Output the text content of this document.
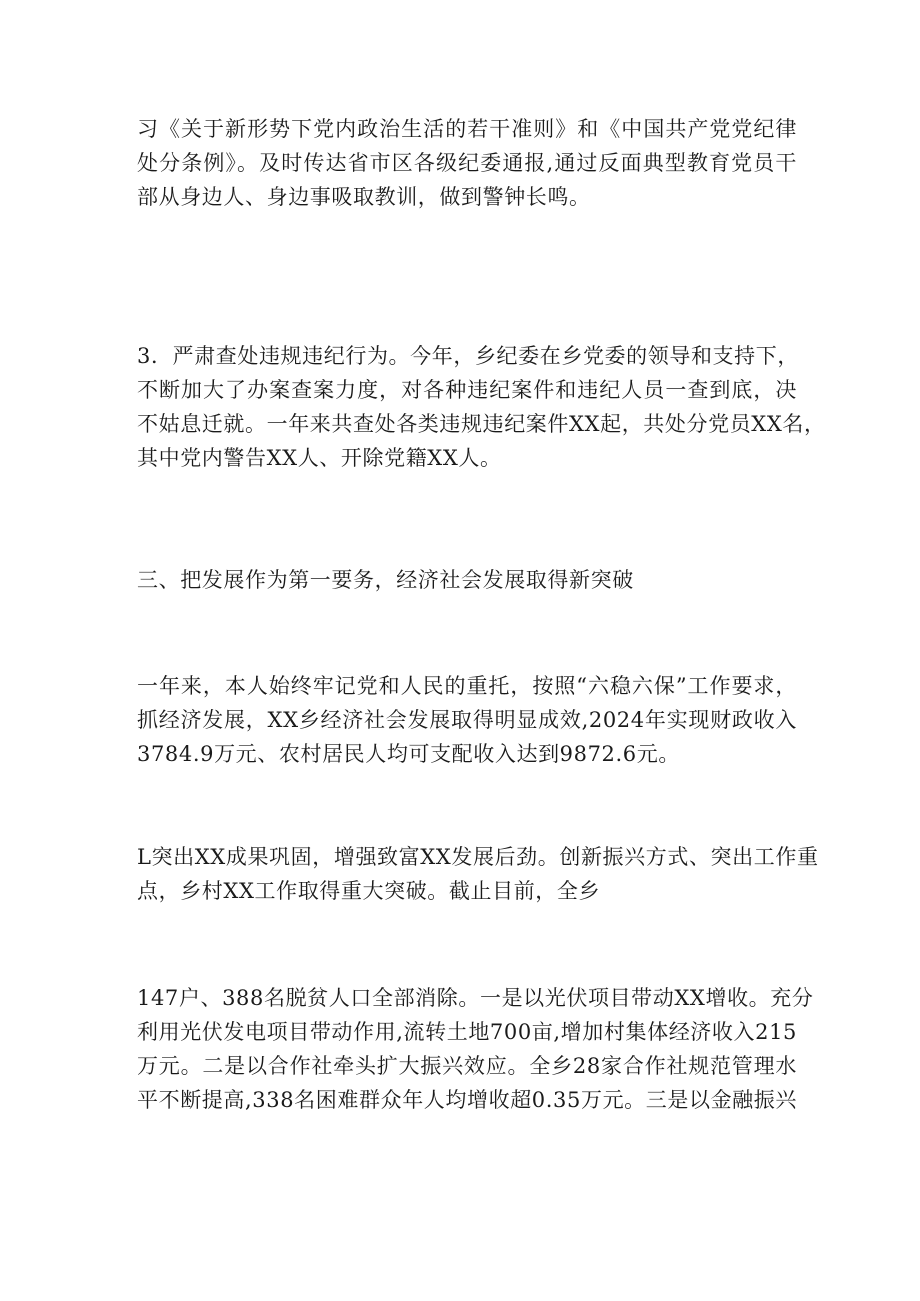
习《关于新形势下党内政治生活的若干准则》和《中国共产党党纪律
处分条例》。及时传达省市区各级纪委通报,通过反面典型教育党员干
部从身边人、身边事吸取教训，做到警钟长鸣。
3．严肃查处违规违纪行为。今年，乡纪委在乡党委的领导和支持下，
不断加大了办案查案力度，对各种违纪案件和违纪人员一查到底，决
不姑息迁就。一年来共查处各类违规违纪案件XX起，共处分党员XX名，
其中党内警告XX人、开除党籍XX人。
三、把发展作为第一要务，经济社会发展取得新突破
一年来，本人始终牢记党和人民的重托，按照“六稳六保”工作要求，
抓经济发展，XX乡经济社会发展取得明显成效,2024年实现财政收入
3784.9万元、农村居民人均可支配收入达到9872.6元。
L突出XX成果巩固，增强致富XX发展后劲。创新振兴方式、突出工作重
点，乡村XX工作取得重大突破。截止目前，全乡
147户、388名脱贫人口全部消除。一是以光伏项目带动XX增收。充分
利用光伏发电项目带动作用,流转土地700亩,增加村集体经济收入215
万元。二是以合作社牵头扩大振兴效应。全乡28家合作社规范管理水
平不断提高,338名困难群众年人均增收超0.35万元。三是以金融振兴
